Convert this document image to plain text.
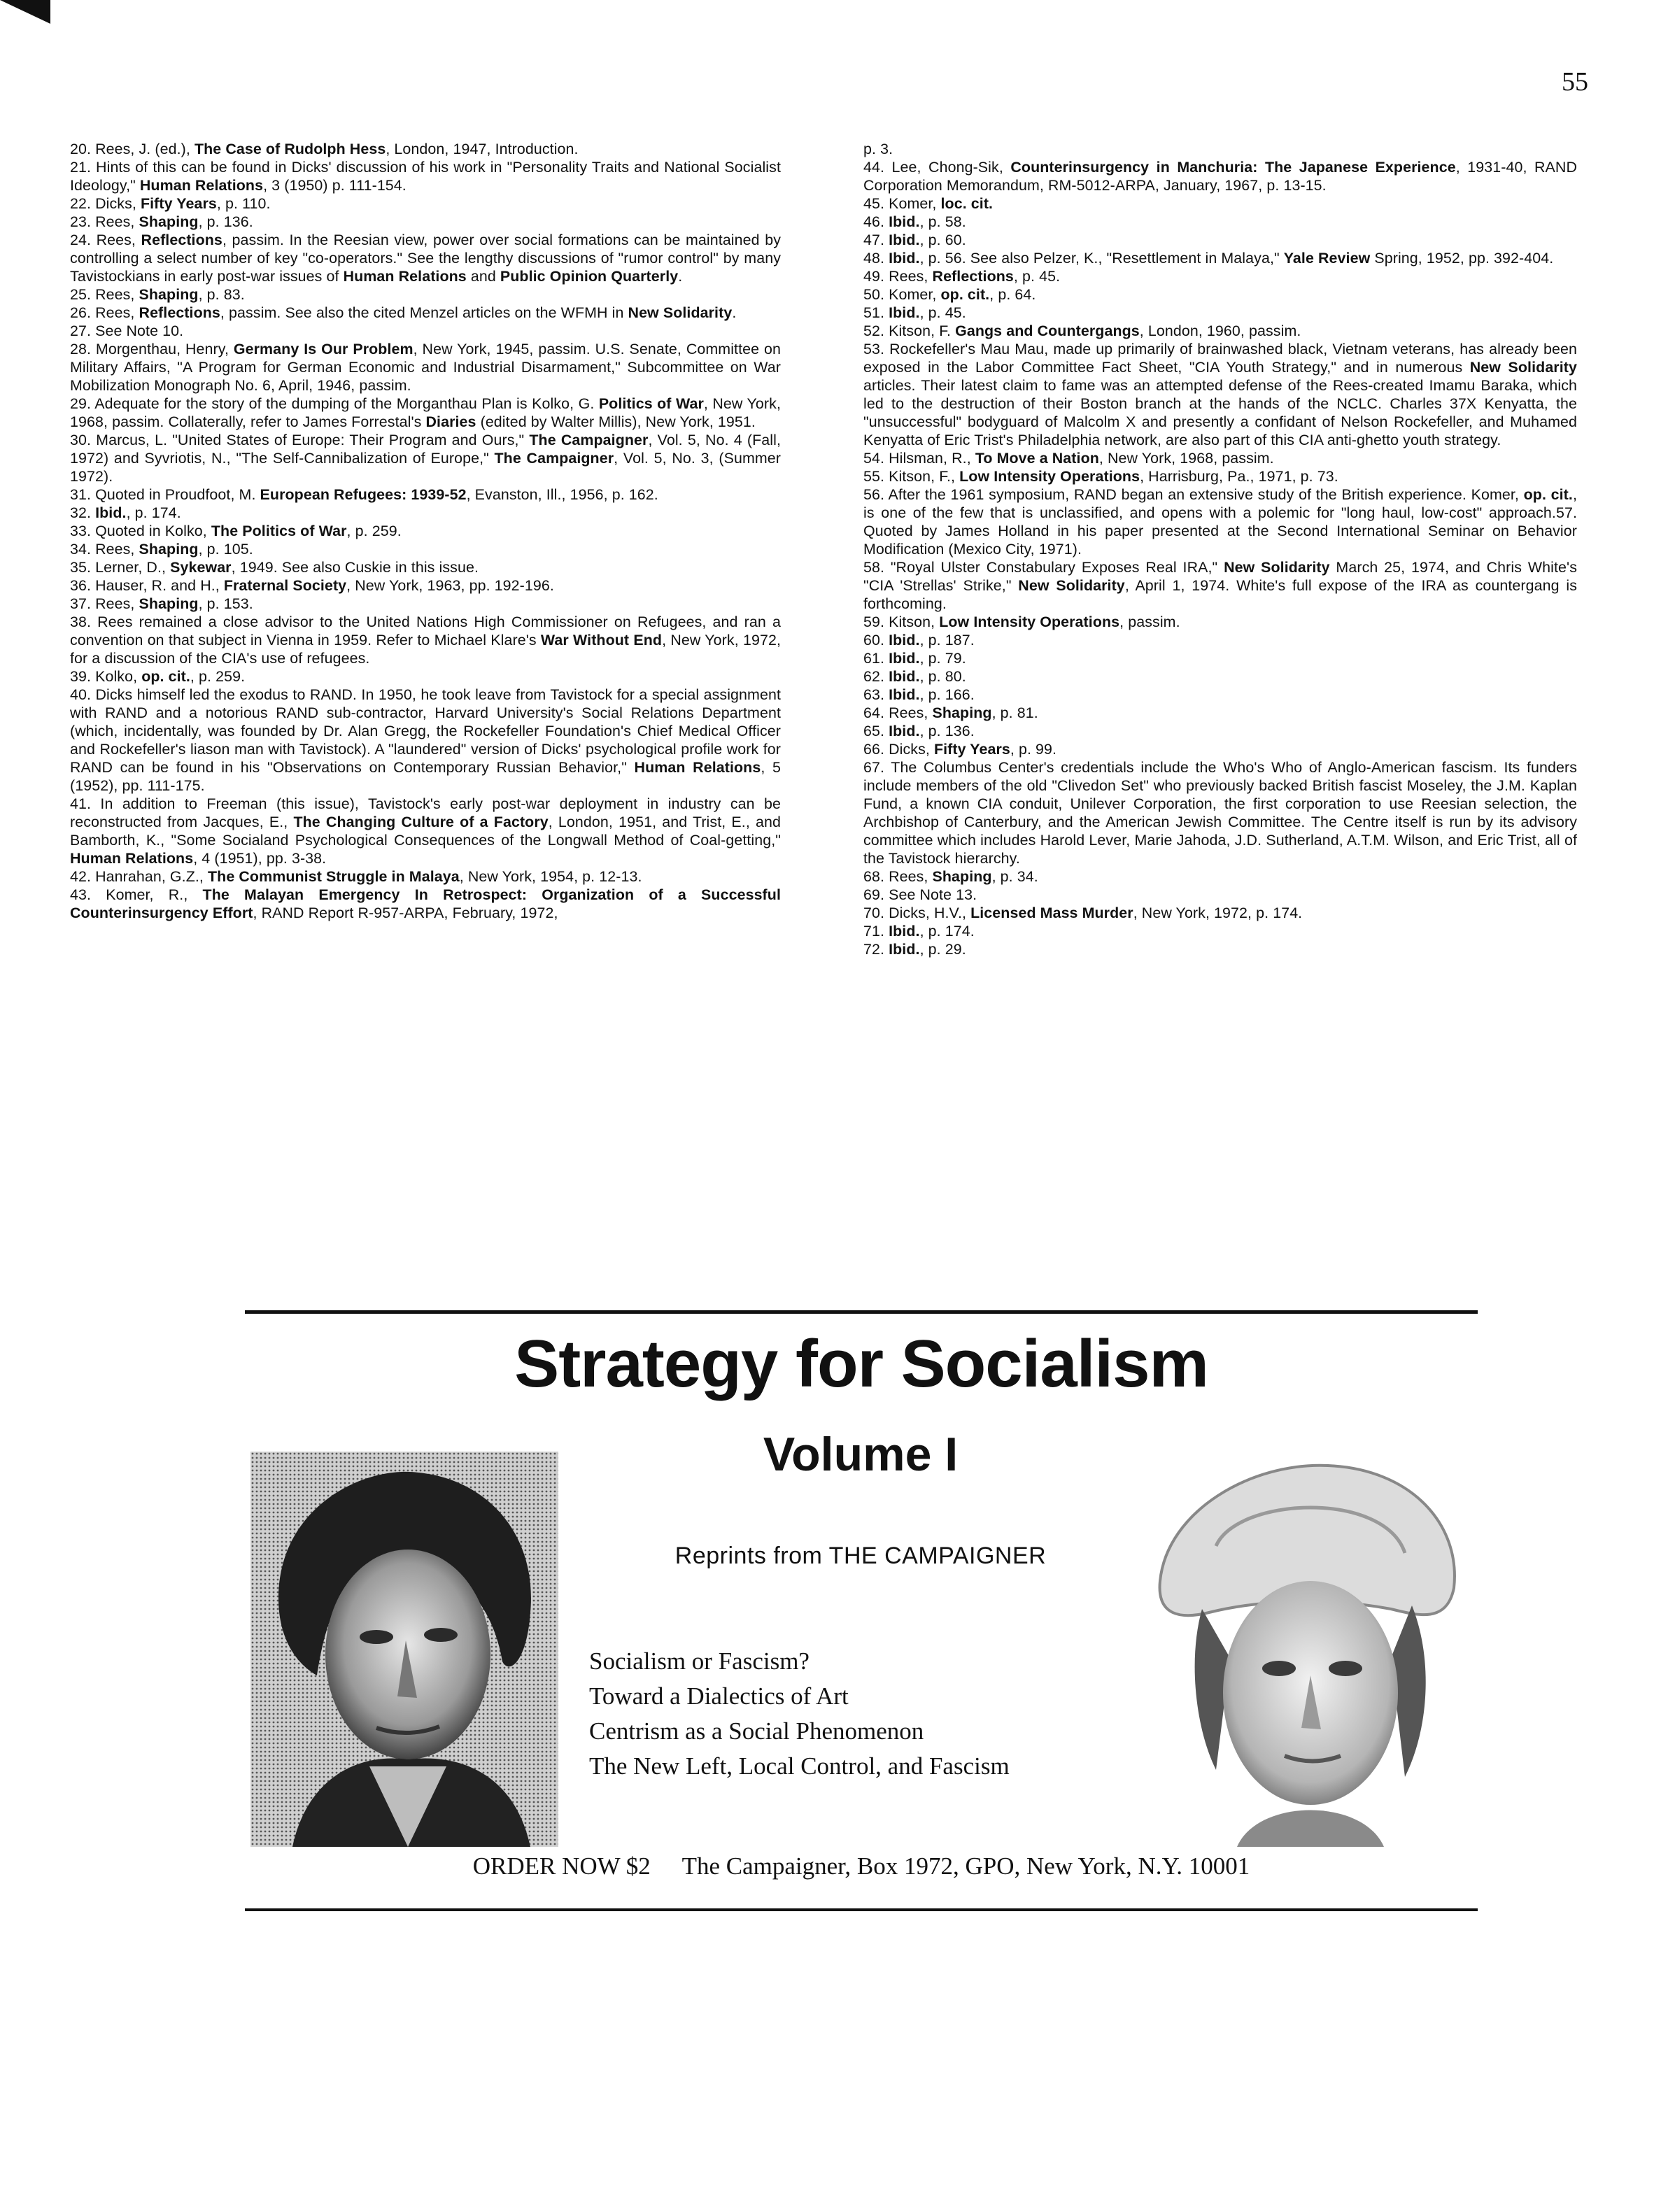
55

20. Rees, J. (ed.), The Case of Rudolph Hess, London, 1947, Introduction.

21. Hints of this can be found in Dicks' discussion of his work in "Personality Traits and National Socialist Ideology," Human Relations, 3 (1950) p. 111-154.

22. Dicks, Fifty Years, p. 110.

23. Rees, Shaping, p. 136.

24. Rees, Reflections, passim. In the Reesian view, power over social formations can be maintained by controlling a select number of key "co-operators." See the lengthy discussions of "rumor control" by many Tavistockians in early post-war issues of Human Relations and Public Opinion Quarterly.

25. Rees, Shaping, p. 83.

26. Rees, Reflections, passim. See also the cited Menzel articles on the WFMH in New Solidarity.

27. See Note 10.

28. Morgenthau, Henry, Germany Is Our Problem, New York, 1945, passim. U.S. Senate, Committee on Military Affairs, "A Program for German Economic and Industrial Disarmament," Subcommittee on War Mobilization Monograph No. 6, April, 1946, passim.

29. Adequate for the story of the dumping of the Morganthau Plan is Kolko, G. Politics of War, New York, 1968, passim. Collaterally, refer to James Forrestal's Diaries (edited by Walter Millis), New York, 1951.

30. Marcus, L. "United States of Europe: Their Program and Ours," The Campaigner, Vol. 5, No. 4 (Fall, 1972) and Syvriotis, N., "The Self-Cannibalization of Europe," The Campaigner, Vol. 5, No. 3, (Summer 1972).

31. Quoted in Proudfoot, M. European Refugees: 1939-52, Evanston, Ill., 1956, p. 162.

32. Ibid., p. 174.

33. Quoted in Kolko, The Politics of War, p. 259.

34. Rees, Shaping, p. 105.

35. Lerner, D., Sykewar, 1949. See also Cuskie in this issue.

36. Hauser, R. and H., Fraternal Society, New York, 1963, pp. 192-196.

37. Rees, Shaping, p. 153.

38. Rees remained a close advisor to the United Nations High Commissioner on Refugees, and ran a convention on that subject in Vienna in 1959. Refer to Michael Klare's War Without End, New York, 1972, for a discussion of the CIA's use of refugees.

39. Kolko, op. cit., p. 259.

40. Dicks himself led the exodus to RAND. In 1950, he took leave from Tavistock for a special assignment with RAND and a notorious RAND sub-contractor, Harvard University's Social Relations Department (which, incidentally, was founded by Dr. Alan Gregg, the Rockefeller Foundation's Chief Medical Officer and Rockefeller's liason man with Tavistock). A "laundered" version of Dicks' psychological profile work for RAND can be found in his "Observations on Contemporary Russian Behavior," Human Relations, 5 (1952), pp. 111-175.

41. In addition to Freeman (this issue), Tavistock's early post-war deployment in industry can be reconstructed from Jacques, E., The Changing Culture of a Factory, London, 1951, and Trist, E., and Bamborth, K., "Some Socialand Psychological Consequences of the Longwall Method of Coal-getting," Human Relations, 4 (1951), pp. 3-38.

42. Hanrahan, G.Z., The Communist Struggle in Malaya, New York, 1954, p. 12-13.

43. Komer, R., The Malayan Emergency In Retrospect: Organization of a Successful Counterinsurgency Effort, RAND Report R-957-ARPA, February, 1972,

p. 3.

44. Lee, Chong-Sik, Counterinsurgency in Manchuria: The Japanese Experience, 1931-40, RAND Corporation Memorandum, RM-5012-ARPA, January, 1967, p. 13-15.

45. Komer, loc. cit.

46. Ibid., p. 58.

47. Ibid., p. 60.

48. Ibid., p. 56. See also Pelzer, K., "Resettlement in Malaya," Yale Review Spring, 1952, pp. 392-404.

49. Rees, Reflections, p. 45.

50. Komer, op. cit., p. 64.

51. Ibid., p. 45.

52. Kitson, F. Gangs and Countergangs, London, 1960, passim.

53. Rockefeller's Mau Mau, made up primarily of brainwashed black, Vietnam veterans, has already been exposed in the Labor Committee Fact Sheet, "CIA Youth Strategy," and in numerous New Solidarity articles. Their latest claim to fame was an attempted defense of the Rees-created Imamu Baraka, which led to the destruction of their Boston branch at the hands of the NCLC. Charles 37X Kenyatta, the "unsuccessful" bodyguard of Malcolm X and presently a confidant of Nelson Rockefeller, and Muhamed Kenyatta of Eric Trist's Philadelphia network, are also part of this CIA anti-ghetto youth strategy.

54. Hilsman, R., To Move a Nation, New York, 1968, passim.

55. Kitson, F., Low Intensity Operations, Harrisburg, Pa., 1971, p. 73.

56. After the 1961 symposium, RAND began an extensive study of the British experience. Komer, op. cit., is one of the few that is unclassified, and opens with a polemic for "long haul, low-cost" approach.57. Quoted by James Holland in his paper presented at the Second International Seminar on Behavior Modification (Mexico City, 1971).

58. "Royal Ulster Constabulary Exposes Real IRA," New Solidarity March 25, 1974, and Chris White's "CIA 'Strellas' Strike," New Solidarity, April 1, 1974. White's full expose of the IRA as countergang is forthcoming.

59. Kitson, Low Intensity Operations, passim.

60. Ibid., p. 187.

61. Ibid., p. 79.

62. Ibid., p. 80.

63. Ibid., p. 166.

64. Rees, Shaping, p. 81.

65. Ibid., p. 136.

66. Dicks, Fifty Years, p. 99.

67. The Columbus Center's credentials include the Who's Who of Anglo-American fascism. Its funders include members of the old "Clivedon Set" who previously backed British fascist Moseley, the J.M. Kaplan Fund, a known CIA conduit, Unilever Corporation, the first corporation to use Reesian selection, the Archbishop of Canterbury, and the American Jewish Committee. The Centre itself is run by its advisory committee which includes Harold Lever, Marie Jahoda, J.D. Sutherland, A.T.M. Wilson, and Eric Trist, all of the Tavistock hierarchy.

68. Rees, Shaping, p. 34.

69. See Note 13.

70. Dicks, H.V., Licensed Mass Murder, New York, 1972, p. 174.

71. Ibid., p. 174.

72. Ibid., p. 29.

Strategy for Socialism
Volume I
Reprints from THE CAMPAIGNER
Socialism or Fascism?
Toward a Dialectics of Art
Centrism as a Social Phenomenon
The New Left, Local Control, and Fascism
ORDER NOW $2 The Campaigner, Box 1972, GPO, New York, N.Y. 10001
